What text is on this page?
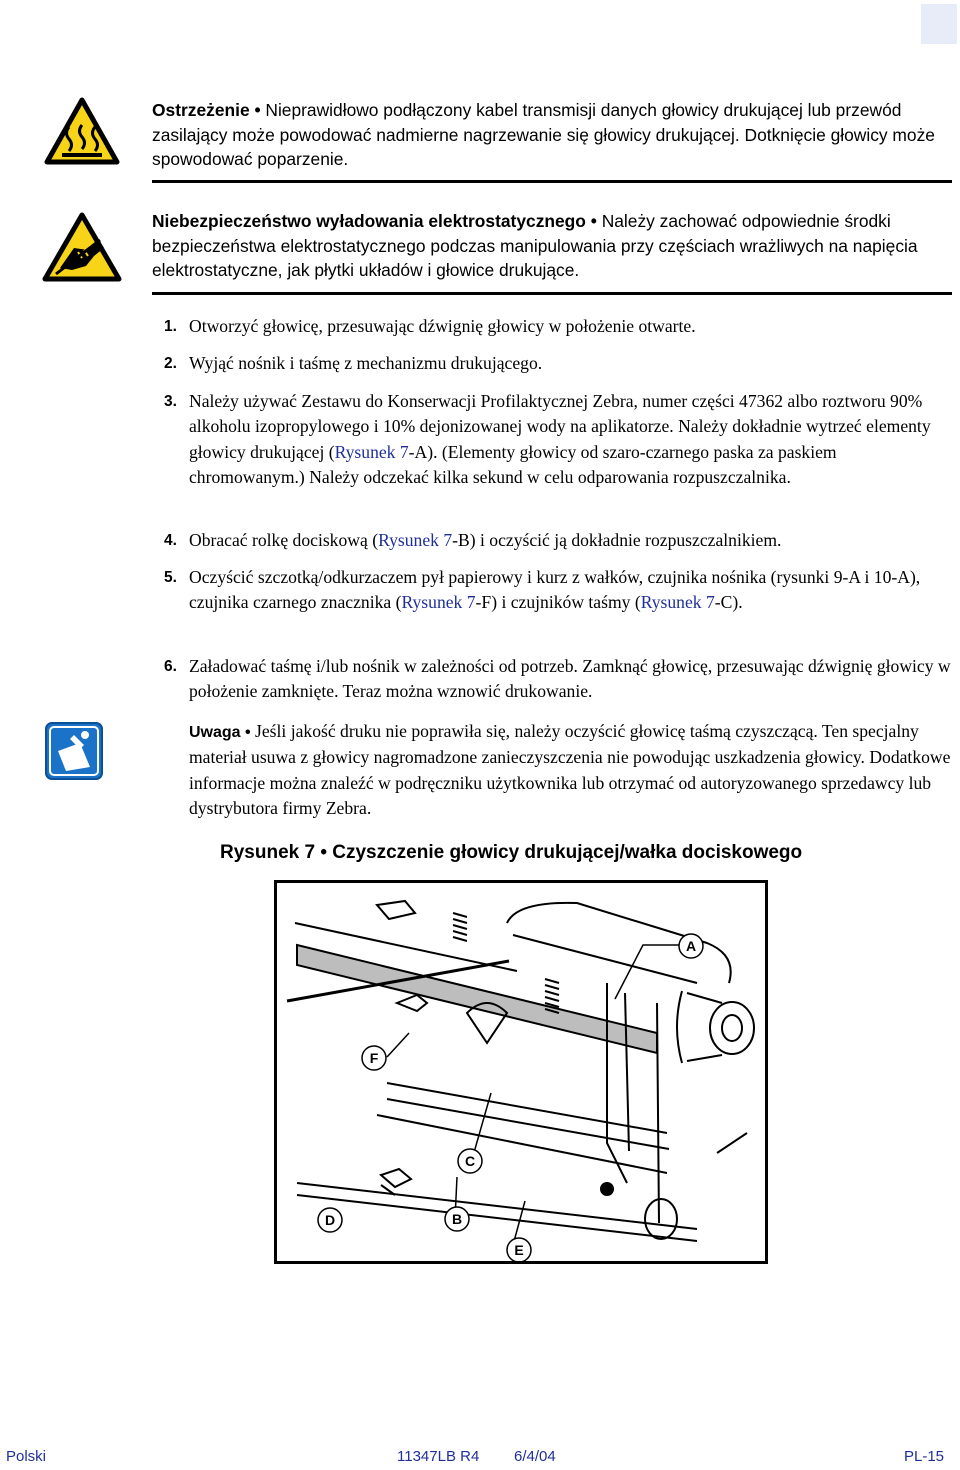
Ostrzeżenie • Nieprawidłowo podłączony kabel transmisji danych głowicy drukującej lub przewód zasilający może powodować nadmierne nagrzewanie się głowicy drukującej. Dotknięcie głowicy może spowodować poparzenie.
Niebezpieczeństwo wyładowania elektrostatycznego • Należy zachować odpowiednie środki bezpieczeństwa elektrostatycznego podczas manipulowania przy częściach wrażliwych na napięcia elektrostatyczne, jak płytki układów i głowice drukujące.
1. Otworzyć głowicę, przesuwając dźwignię głowicy w położenie otwarte.
2. Wyjąć nośnik i taśmę z mechanizmu drukującego.
3. Należy używać Zestawu do Konserwacji Profilaktycznej Zebra, numer części 47362 albo roztworu 90% alkoholu izopropylowego i 10% dejonizowanej wody na aplikatorze. Należy dokładnie wytrzeć elementy głowicy drukującej (Rysunek 7-A). (Elementy głowicy od szaro-czarnego paska za paskiem chromowanym.) Należy odczekać kilka sekund w celu odparowania rozpuszczalnika.
4. Obracać rolkę dociskową (Rysunek 7-B) i oczyścić ją dokładnie rozpuszczalnikiem.
5. Oczyścić szczotką/odkurzaczem pył papierowy i kurz z wałków, czujnika nośnika (rysunki 9-A i 10-A), czujnika czarnego znacznika (Rysunek 7-F) i czujników taśmy (Rysunek 7-C).
6. Załadować taśmę i/lub nośnik w zależności od potrzeb. Zamknąć głowicę, przesuwając dźwignię głowicy w położenie zamknięte. Teraz można wznowić drukowanie.
Uwaga • Jeśli jakość druku nie poprawiła się, należy oczyścić głowicę taśmą czyszczącą. Ten specjalny materiał usuwa z głowicy nagromadzone zanieczyszczenia nie powodując uszkadzenia głowicy. Dodatkowe informacje można znaleźć w podręczniku użytkownika lub otrzymać od autoryzowanego sprzedawcy lub dystrybutora firmy Zebra.
Rysunek 7 • Czyszczenie głowicy drukującej/wałka dociskowego
A
F
C
D	B
E
Polski	11347LB R4 6/4/04	PL-15
